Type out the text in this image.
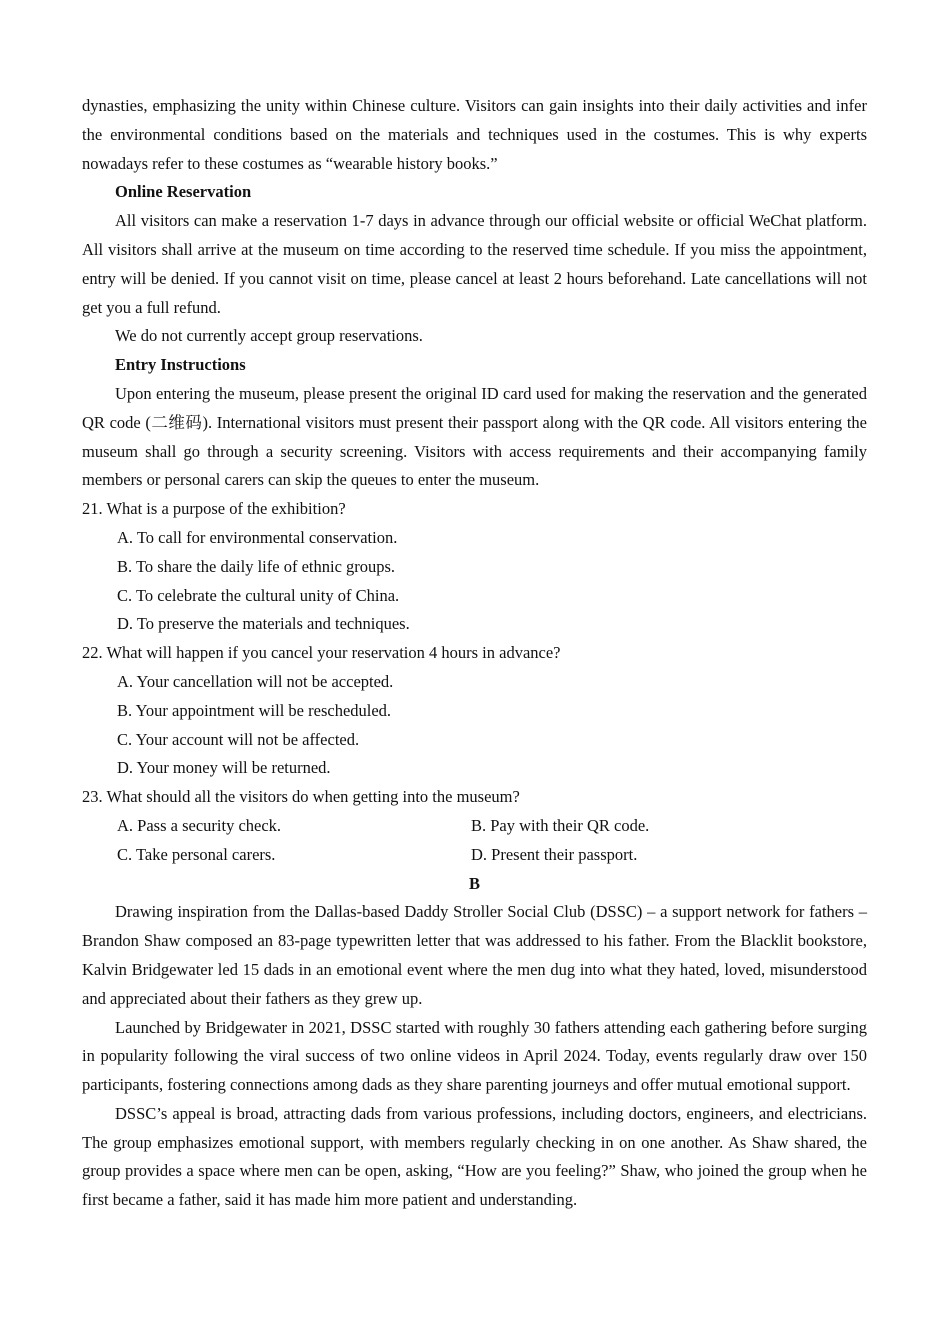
dynasties, emphasizing the unity within Chinese culture. Visitors can gain insights into their daily activities and infer the environmental conditions based on the materials and techniques used in the costumes. This is why experts nowadays refer to these costumes as “wearable history books.”

Online Reservation

All visitors can make a reservation 1-7 days in advance through our official website or official WeChat platform. All visitors shall arrive at the museum on time according to the reserved time schedule. If you miss the appointment, entry will be denied. If you cannot visit on time, please cancel at least 2 hours beforehand. Late cancellations will not get you a full refund.

We do not currently accept group reservations.

Entry Instructions

Upon entering the museum, please present the original ID card used for making the reservation and the generated QR code (二维码). International visitors must present their passport along with the QR code. All visitors entering the museum shall go through a security screening. Visitors with access requirements and their accompanying family members or personal carers can skip the queues to enter the museum.

21. What is a purpose of the exhibition?

A. To call for environmental conservation.

B. To share the daily life of ethnic groups.

C. To celebrate the cultural unity of China.

D. To preserve the materials and techniques.

22. What will happen if you cancel your reservation 4 hours in advance?

A. Your cancellation will not be accepted.

B. Your appointment will be rescheduled.

C. Your account will not be affected.

D. Your money will be returned.

23. What should all the visitors do when getting into the museum?

A. Pass a security check.	B. Pay with their QR code.
C. Take personal carers.	D. Present their passport.

B

Drawing inspiration from the Dallas-based Daddy Stroller Social Club (DSSC) – a support network for fathers – Brandon Shaw composed an 83-page typewritten letter that was addressed to his father. From the Blacklit bookstore, Kalvin Bridgewater led 15 dads in an emotional event where the men dug into what they hated, loved, misunderstood and appreciated about their fathers as they grew up.

Launched by Bridgewater in 2021, DSSC started with roughly 30 fathers attending each gathering before surging in popularity following the viral success of two online videos in April 2024. Today, events regularly draw over 150 participants, fostering connections among dads as they share parenting journeys and offer mutual emotional support.

DSSC’s appeal is broad, attracting dads from various professions, including doctors, engineers, and electricians. The group emphasizes emotional support, with members regularly checking in on one another. As Shaw shared, the group provides a space where men can be open, asking, “How are you feeling?” Shaw, who joined the group when he first became a father, said it has made him more patient and understanding.
